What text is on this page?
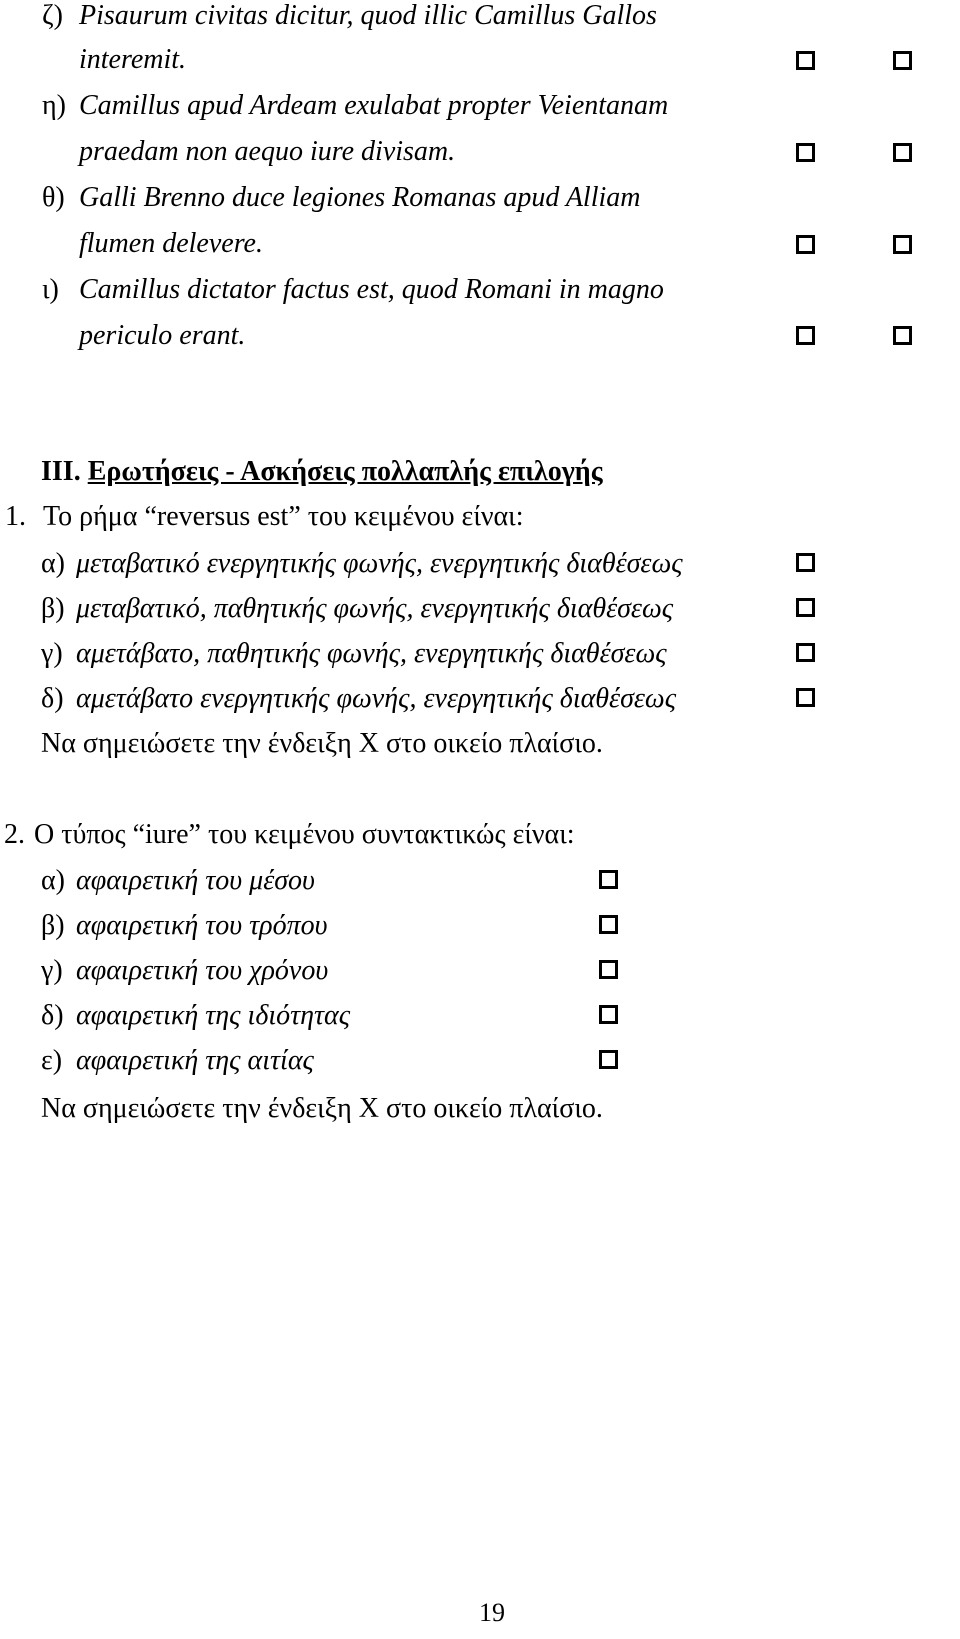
ζ) Pisaurum civitas dicitur, quod illic Camillus Gallos
interemit.
η) Camillus apud Ardeam exulabat propter Veientanam
praedam non aequo iure divisam.
θ) Galli Brenno duce legiones Romanas apud Alliam
flumen delevere.
ι) Camillus dictator factus est, quod Romani in magno
periculo erant.
III. Ερωτήσεις - Ασκήσεις πολλαπλής επιλογής
1. Το ρήμα “reversus est” του κειμένου είναι:
α) μεταβατικό ενεργητικής φωνής, ενεργητικής διαθέσεως
β) μεταβατικό, παθητικής φωνής, ενεργητικής διαθέσεως
γ) αμετάβατο, παθητικής φωνής, ενεργητικής διαθέσεως
δ) αμετάβατο ενεργητικής φωνής, ενεργητικής διαθέσεως
Να σημειώσετε την ένδειξη Χ στο οικείο πλαίσιο.
2. Ο τύπος “iure” του κειμένου συντακτικώς είναι:
α) αφαιρετική του μέσου
β) αφαιρετική του τρόπου
γ) αφαιρετική του χρόνου
δ) αφαιρετική της ιδιότητας
ε) αφαιρετική της αιτίας
Να σημειώσετε την ένδειξη Χ στο οικείο πλαίσιο.
19
